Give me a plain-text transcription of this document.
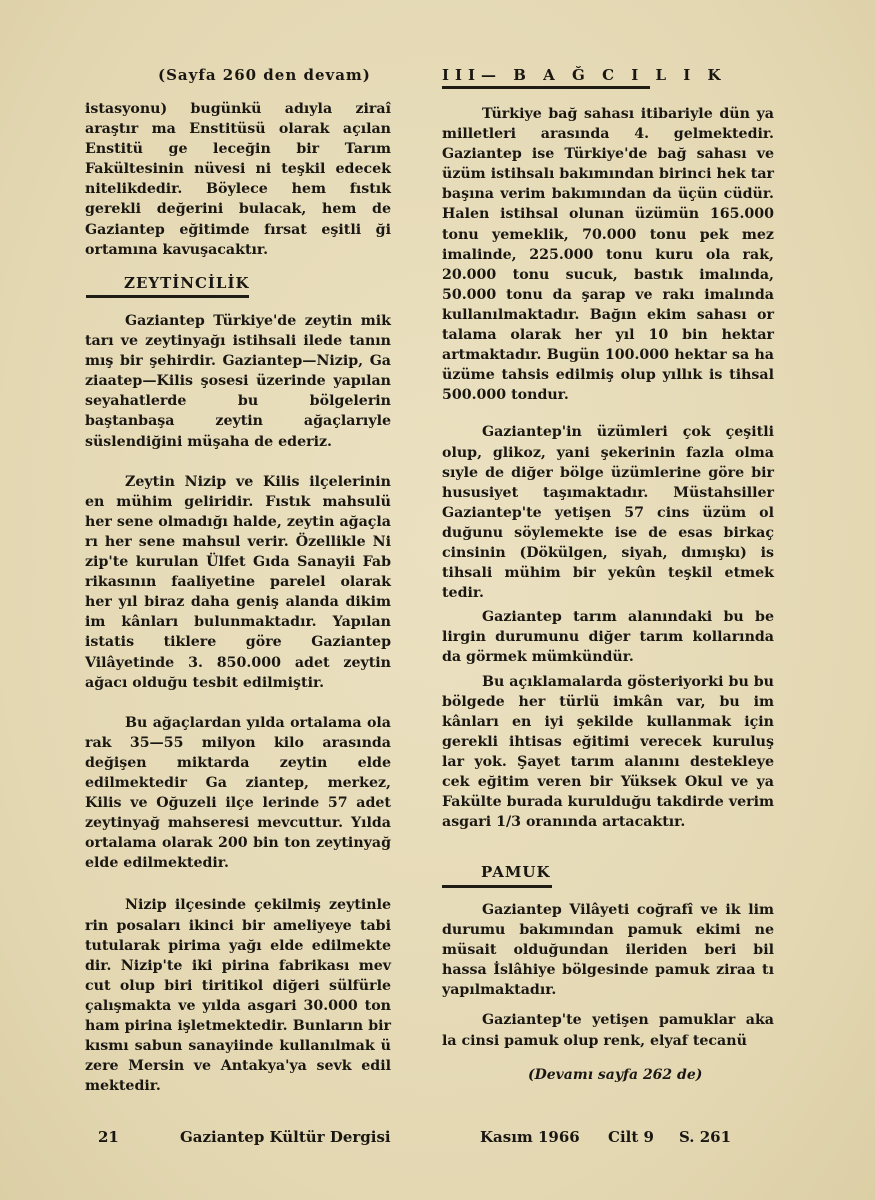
(Sayfa 260 den devam)	III— B A Ğ C I L I K

istasyonu) bugünkü adıyla ziraî araştır ma Enstitüsü olarak açılan Enstitü ge leceğin bir Tarım Fakültesinin nüvesi ni teşkil edecek nitelikdedir. Böylece hem fıstık gerekli değerini bulacak, hem de Gaziantep eğitimde fırsat eşitli ği ortamına kavuşacaktır.

ZEYTİNCİLİK

Gaziantep Türkiye'de zeytin mik tarı ve zeytinyağı istihsali ilede tanın mış bir şehirdir. Gaziantep—Nizip, Ga ziaatep—Kilis şosesi üzerinde yapılan seyahatlerde bu bölgelerin baştanbaşa zeytin ağaçlarıyle süslendiğini müşaha de ederiz.

Zeytin Nizip ve Kilis ilçelerinin en mühim geliridir. Fıstık mahsulü her sene olmadığı halde, zeytin ağaçla rı her sene mahsul verir. Özellikle Ni zip'te kurulan Ülfet Gıda Sanayii Fab rikasının faaliyetine parelel olarak her yıl biraz daha geniş alanda dikim im kânları bulunmaktadır. Yapılan istatis tiklere göre Gaziantep Vilâyetinde 3. 850.000 adet zeytin ağacı olduğu tesbit edilmiştir.

Bu ağaçlardan yılda ortalama ola rak 35—55 milyon kilo arasında değişen miktarda zeytin elde edilmektedir Ga ziantep, merkez, Kilis ve Oğuzeli ilçe lerinde 57 adet zeytinyağ mahseresi mevcuttur. Yılda ortalama olarak 200 bin ton zeytinyağ elde edilmektedir.

Nizip ilçesinde çekilmiş zeytinle rin posaları ikinci bir ameliyeye tabi tutularak pirima yağı elde edilmekte dir. Nizip'te iki pirina fabrikası mev cut olup biri tiritikol diğeri sülfürle çalışmakta ve yılda asgari 30.000 ton ham pirina işletmektedir. Bunların bir kısmı sabun sanayiinde kullanılmak ü zere Mersin ve Antakya'ya sevk edil mektedir.

Türkiye bağ sahası itibariyle dün ya milletleri arasında 4. gelmektedir. Gaziantep ise Türkiye'de bağ sahası ve üzüm istihsalı bakımından birinci hek tar başına verim bakımından da üçün cüdür. Halen istihsal olunan üzümün 165.000 tonu yemeklik, 70.000 tonu pek mez imalinde, 225.000 tonu kuru ola rak, 20.000 tonu sucuk, bastık imalında, 50.000 tonu da şarap ve rakı imalında kullanılmaktadır. Bağın ekim sahası or talama olarak her yıl 10 bin hektar artmaktadır. Bugün 100.000 hektar sa ha üzüme tahsis edilmiş olup yıllık is tihsal 500.000 tondur.

Gaziantep'in üzümleri çok çeşitli olup, glikoz, yani şekerinin fazla olma sıyle de diğer bölge üzümlerine göre bir hususiyet taşımaktadır. Müstahsiller Gaziantep'te yetişen 57 cins üzüm ol duğunu söylemekte ise de esas birkaç cinsinin (Dökülgen, siyah, dımışkı) is tihsali mühim bir yekûn teşkil etmek tedir.

Gaziantep tarım alanındaki bu be lirgin durumunu diğer tarım kollarında da görmek mümkündür.

Bu açıklamalarda gösteriyorki bu bu bölgede her türlü imkân var, bu im kânları en iyi şekilde kullanmak için gerekli ihtisas eğitimi verecek kuruluş lar yok. Şayet tarım alanını destekleye cek eğitim veren bir Yüksek Okul ve ya Fakülte burada kurulduğu takdirde verim asgari 1/3 oranında artacaktır.

PAMUK

Gaziantep Vilâyeti coğrafî ve ik lim durumu bakımından pamuk ekimi ne müsait olduğundan ileriden beri bil hassa İslâhiye bölgesinde pamuk ziraa tı yapılmaktadır.

Gaziantep'te yetişen pamuklar aka la cinsi pamuk olup renk, elyaf tecanü

(Devamı sayfa 262 de)
21	Gaziantep Kültür Dergisi	Kasım 1966 Cilt 9 S. 261
